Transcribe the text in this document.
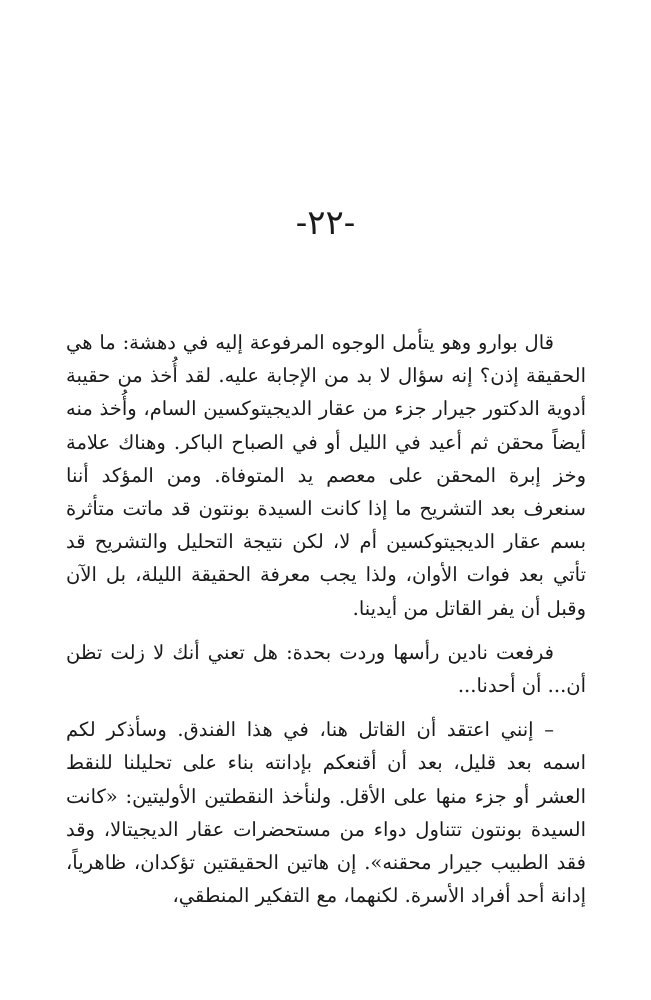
-٢٢-

قال بوارو وهو يتأمل الوجوه المرفوعة إليه في دهشة: ما هي الحقيقة إذن؟ إنه سؤال لا بد من الإجابة عليه. لقد أُخذ من حقيبة أدوية الدكتور جيرار جزء من عقار الديجيتوكسين السام، وأُخذ منه أيضاً محقن ثم أعيد في الليل أو في الصباح الباكر. وهناك علامة وخز إبرة المحقن على معصم يد المتوفاة. ومن المؤكد أننا سنعرف بعد التشريح ما إذا كانت السيدة بونتون قد ماتت متأثرة بسم عقار الديجيتوكسين أم لا، لكن نتيجة التحليل والتشريح قد تأتي بعد فوات الأوان، ولذا يجب معرفة الحقيقة الليلة، بل الآن وقبل أن يفر القاتل من أيدينا.

فرفعت نادين رأسها وردت بحدة: هل تعني أنك لا زلت تظن أن... أن أحدنا...

– إنني اعتقد أن القاتل هنا، في هذا الفندق. وسأذكر لكم اسمه بعد قليل، بعد أن أقنعكم بإدانته بناء على تحليلنا للنقط العشر أو جزء منها على الأقل. ولنأخذ النقطتين الأوليتين: «كانت السيدة بونتون تتناول دواء من مستحضرات عقار الديجيتالا، وقد فقد الطبيب جيرار محقنه». إن هاتين الحقيقتين تؤكدان، ظاهرياً، إدانة أحد أفراد الأسرة. لكنهما، مع التفكير المنطقي،
